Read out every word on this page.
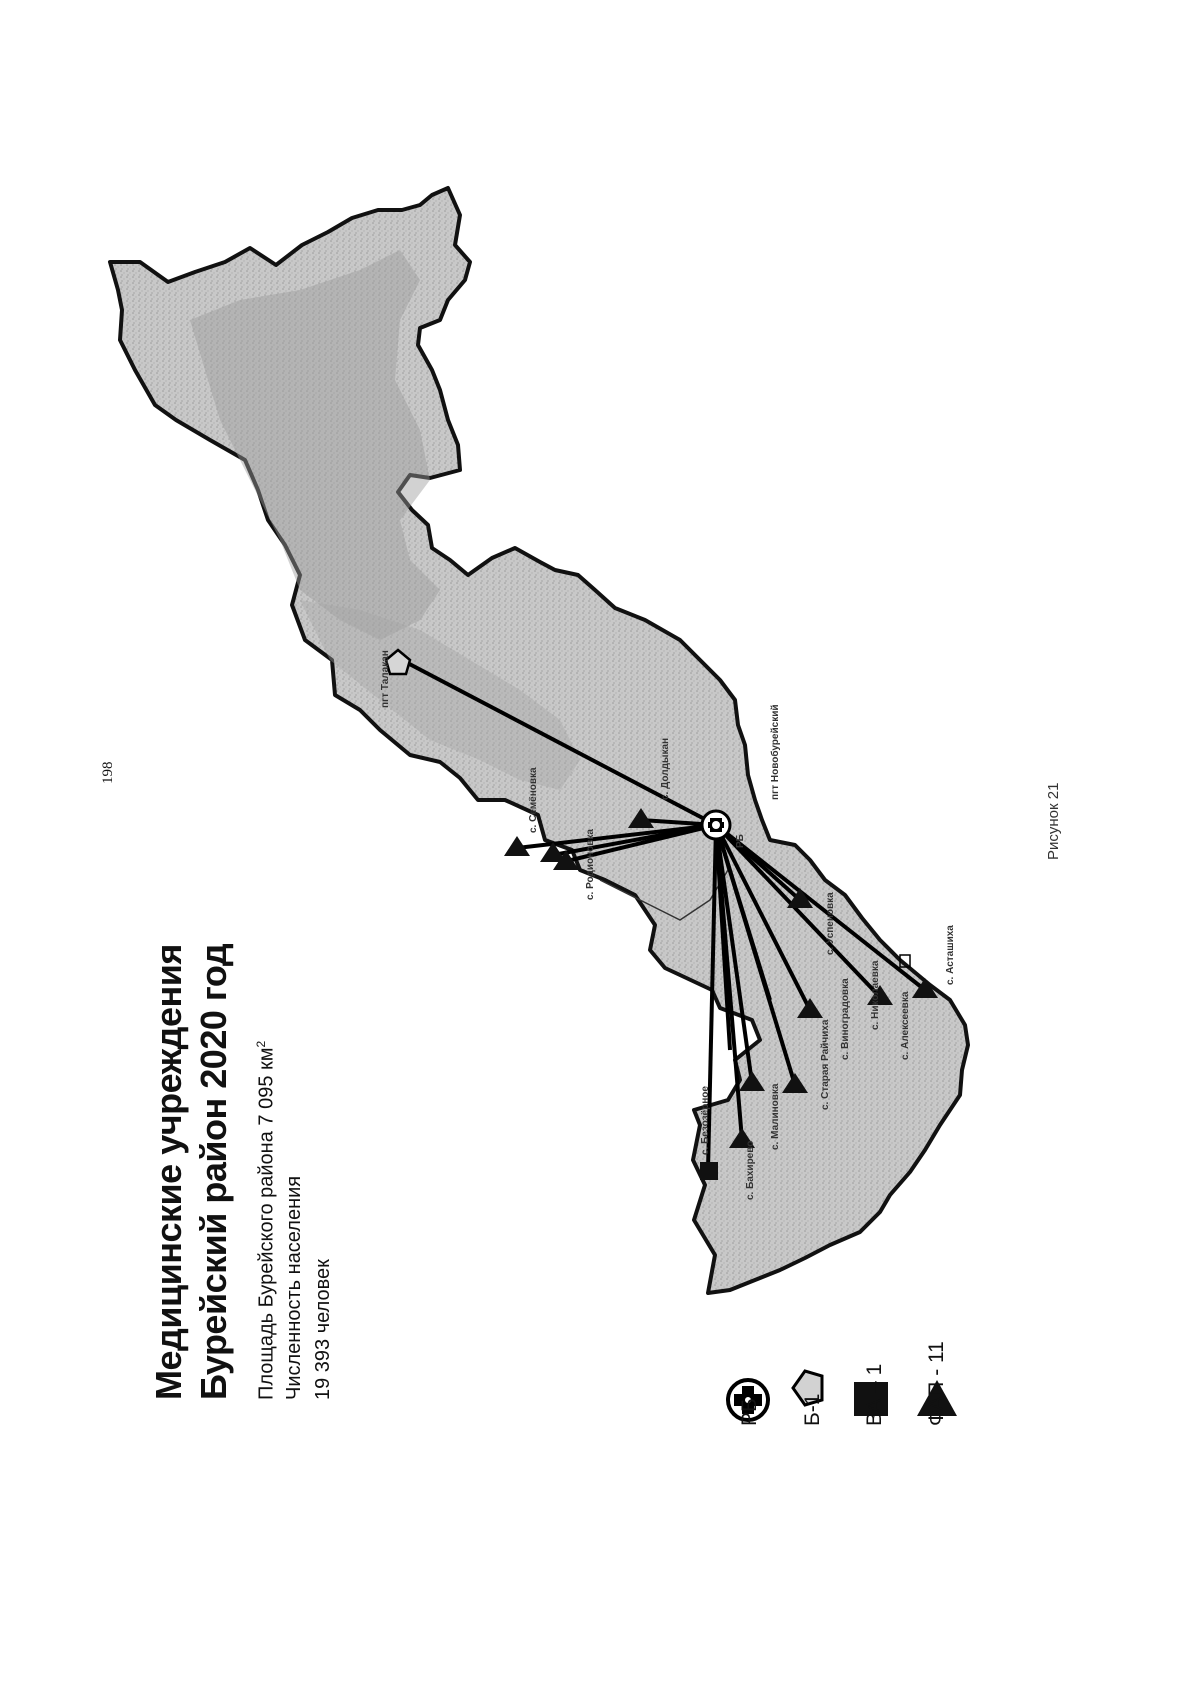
198
Медицинские учреждения Бурейский район 2020 год Площадь Бурейского района 7 095 $км^2$
Численность населения 19 393 человек
РБ Б-1 ВА – 1 ФАП - 11
Рисунок 21
с. Семёновка
с. Родионовка
с. Долдыкан
пгт Талакан
с. Безозёрное
с. Бахирево
с. Малиновка
с. Старая Райчиха
с. Виноградовка
с. Асташиха
с. Успеновка
с. Алексеевка
с. Николаевка
пгт Новобурейский
РБ
